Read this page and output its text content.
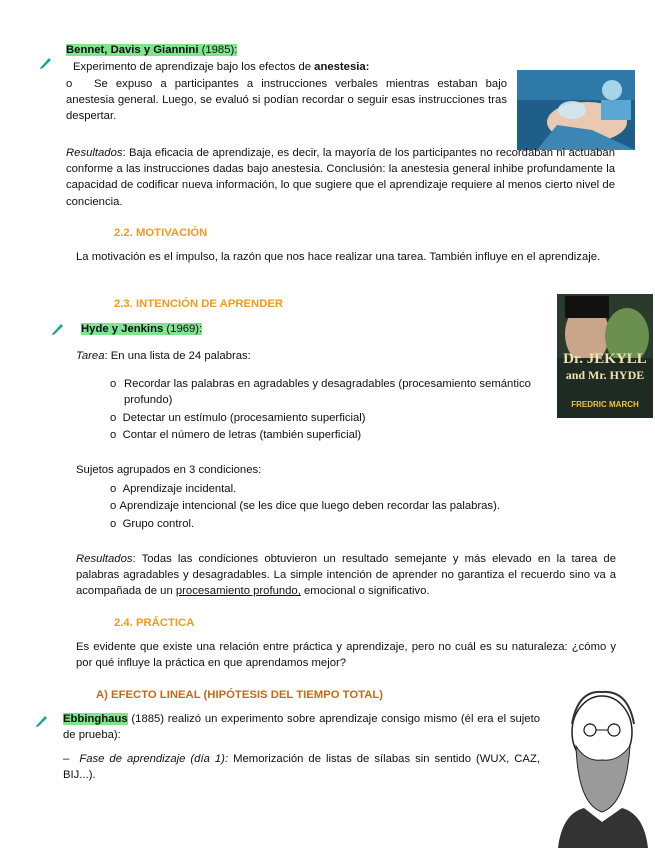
Bennet, Davis y Giannini (1985):
Experimento de aprendizaje bajo los efectos de anestesia:
o	Se expuso a participantes a instrucciones verbales mientras estaban bajo anestesia general. Luego, se evaluó si podían recordar o seguir esas instrucciones tras despertar.
Resultados: Baja eficacia de aprendizaje, es decir, la mayoría de los participantes no recordaban ni actuaban conforme a las instrucciones dadas bajo anestesia. Conclusión: la anestesia general inhibe profundamente la capacidad de codificar nueva información, lo que sugiere que el aprendizaje requiere al menos cierto nivel de conciencia.
2.2. MOTIVACIÓN
La motivación es el impulso, la razón que nos hace realizar una tarea. También influye en el aprendizaje.
2.3. INTENCIÓN DE APRENDER
Hyde y Jenkins (1969):
Dr. JEKYLL
and Mr. HYDE
FREDRIC MARCH
Tarea: En una lista de 24 palabras:
o Recordar las palabras en agradables y desagradables (procesamiento semántico profundo)
o  Detectar un estímulo (procesamiento superficial)
o  Contar el número de letras (también superficial)
Sujetos agrupados en 3 condiciones:
o  Aprendizaje incidental.
o Aprendizaje intencional (se les dice que luego deben recordar las palabras).
o  Grupo control.
Resultados: Todas las condiciones obtuvieron un resultado semejante y más elevado en la tarea de palabras agradables y desagradables. La simple intención de aprender no garantiza el recuerdo sino va a acompañada de un procesamiento profundo, emocional o significativo.
2.4. PRÁCTICA
Es evidente que existe una relación entre práctica y aprendizaje, pero no cuál es su naturaleza: ¿cómo y por qué influye la práctica en que aprendamos mejor?
A) EFECTO LINEAL (HIPÓTESIS DEL TIEMPO TOTAL)
Ebbinghaus (1885) realizó un experimento sobre aprendizaje consigo mismo (él era el sujeto de prueba):
– Fase de aprendizaje (día 1): Memorización de listas de sílabas sin sentido (WUX, CAZ, BIJ...).
